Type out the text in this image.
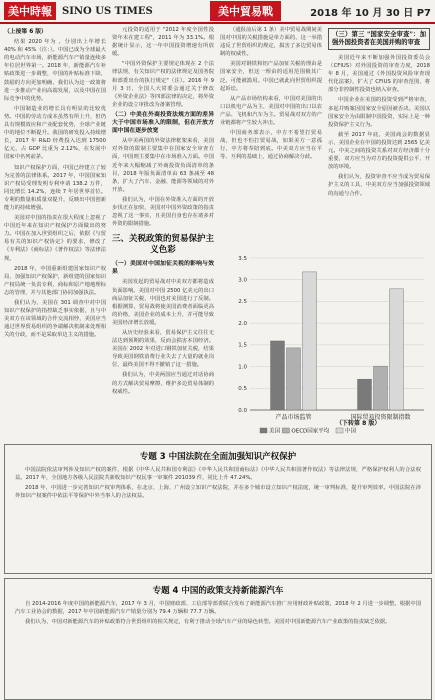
美中時報	SINO US TIMES	美中貿易戰	2018 年 10 月 30 日 P7
（上接第 6 版）

结果 2020 年为 ，分别出上年增长 40% 和 45%（注：）。中国已成为全球最大的电动汽车市场，新能源汽车产销量连续多年位居世界第一。2018 年，新能源汽车补贴政策进一步调整，中国的补贴标准下降，鼓励的方向更加明确，我们认为这一政策将进一步推动产业向高端发展，以及中国在国际竞争中的优势。

中国制造业的增长具有明显的比较优势。中国的劳动力成本虽然有所上升，但仍具有规模效应和产业配套优势，全球产业链中的地位不断提升。我国的研发投入持续增长，2017 年 R&D 经费投入达到 17500 亿元，占 GDP 比重为 2.12%，在发展中国家中名列前茅。

知识产权保护方面，中国已经建立了较为完善的法律体系。2017 年，中国国家知识产权局受理发明专利申请 138.2 万件，同比增长 14.2%，连续 7 年居世界首位。专利的数量和质量双提升，反映出中国创新能力的持续增强。

美国对中国的指责在很大程度上忽视了中国近年来在知识产权保护方面做出的努力。中国在加入世贸组织之后，依据《与贸易有关的知识产权协定》的要求，修改了《专利法》《商标法》《著作权法》等法律法规。

2018 年，中国重新组建国家知识产权局，加强知识产权保护，新组建的国家知识产权局统一负责专利、商标和原产地地理标志的管理，并与其他部门协同加强执法。

我们认为，美国在 301 调查中对中国知识产权保护的指控缺乏事实依据，且与中美双方在该领域的合作交流相悖，美国应当通过世界贸易组织的争端解决机制来处理相关的分歧，而不是采取单边主义的措施。

元投资的适用于 "2012 年度全国性投资年末在建工程"，2011 年为 33.1%。根据统计显示，这一年中国投资增速有所放缓。

"中国外资保护主要规定体现在 2 个法律法规，有关知识产权的法律规定及国务院和部委出台的执行规定"（注）。2016 年 9 月 3 日，全国人大常委会通过关于修改《外资企业法》等四部法律的决定，将外资企业的设立审批改为备案管理。

（二）中美在外商投资法规方面的差异大于中国市场准入的限制，但在开放方面中国在逐步放宽

从中美两国的外资法律框架来看，美国对外资的限制主要集中在国家安全审查方面，中国则主要集中在市场准入方面。中国近年来大幅缩减了外商投资负面清单的条目，2018 年版负面清单由 63 条减至 48 条，扩大了汽车、金融、能源等领域的对外开放。

我们认为，中国在外资准入方面的开放步伐正在加快，美国对中国外资政策的指责忽视了这一事实，且美国自身也存在诸多对外资的限制措施。

三、关税政策的贸易保护主义色彩
（一）美国对中国加征关税的影响与效果

美国发起的贸易战对中美双方都将造成负面影响。美国对中国 2500 亿美元的出口商品加征关税，中国也对美国进行了反制。根据测算，贸易战将使美国消费者面临更高的价格，美国企业的成本上升，并可能导致美国经济增长放缓。

从历史经验来看，贸易保护主义往往无法达到预期的效果，反而会损害本国经济。美国在 2002 年对进口钢铁加征关税，结果导致美国钢铁消费行业失去了大量的就业岗位，最终美国不得不撤销了这一措施。

我们认为，中美两国应当通过对话协商的方式解决贸易摩擦，维护多边贸易体制的权威性。

（通报前后第 1 条）美中贸易战期间美国对中国的关税措施是单方面的，这一举措违反了世贸组织的规定，损害了多边贸易体制的权威性。

美国对钢铁和铝产品加征关税的理由是国家安全，但这一理由的适用范围极其广泛，可能被滥用。中国已就此向世贸组织提起诉讼。

从产品市场结构来看，中国对美国的出口以机电产品为主，美国对中国的出口以农产品、飞机和汽车为主。贸易战对双方的产业链都将产生较大冲击。

中国商务部表示，中方不希望打贸易战，但也不怕打贸易战，如果美方一意孤行，中方将奉陪到底。中美双方应当在平等、互利的基础上，通过协商解决分歧。

（三）第三 "国家安全审查"：加强外国投资者在美国并购的审查

美国近年来不断加强外国投资委员会（CFIUS）对外国投资的审查力度，2018 年 8 月，美国通过《外国投资风险审查现代化法案》，扩大了 CFIUS 的审查范围，将部分非控制性投资也纳入审查。

中国企业在美国的投资受到严格审查，多起并购案因国家安全原因被否决。美国以国家安全为由限制中国投资，实际上是一种投资保护主义行为。

截至 2017 年底，美国商会的数据显示，美国企业在中国的投资达到 2565 亿美元。中美之间的投资关系对双方经济都十分重要，双方应当为对方的投资提供公平、开放的环境。

我们认为，投资审查不应当成为贸易保护主义的工具，中美双方应当加强投资领域的沟通与合作。

（下转第 8 版）
0.0
0.5
1.0
1.5
2.0
2.5
3.0
3.5
产品市场监管	国际贸易投资限制指数
美国 OECD国家平均	中国
专题 3 中国法院在全面加强知识产权保护

中国法院依法审判涉及知识产权的案件，根据《中华人民共和国专利法》《中华人民共和国商标法》《中华人民共和国著作权法》等法律法规，严格保护权利人的合法权益。2017 年，全国地方各级人民法院共新收知识产权民事一审案件 201039 件，同比上升 47.24%。

2018 年，中国进一步完善知识产权审判体系，在北京、上海、广州设立知识产权法院，并在多个城市设立知识产权法庭，统一审判标准，提升审判效率。中国法院在涉外知识产权案件中依法平等保护中外当事人的合法权益。

专题 4 中国的政策支持新能源汽车

自 2014-2016 年度中国的新能源汽车，2017 年 3 月，中国财政部、工信部等部委联合发布了新能源汽车推广应用财政补贴政策，2018 年 2 月进一步调整。根据中国汽车工业协会的数据，2017 年中国新能源汽车产销量分别为 79.4 万辆和 77.7 万辆。

我们认为，中国对新能源汽车的补贴政策符合世贸组织的相关规定，有利于推动全球汽车产业的绿色转型。美国对中国新能源汽车产业政策的指责缺乏依据。
